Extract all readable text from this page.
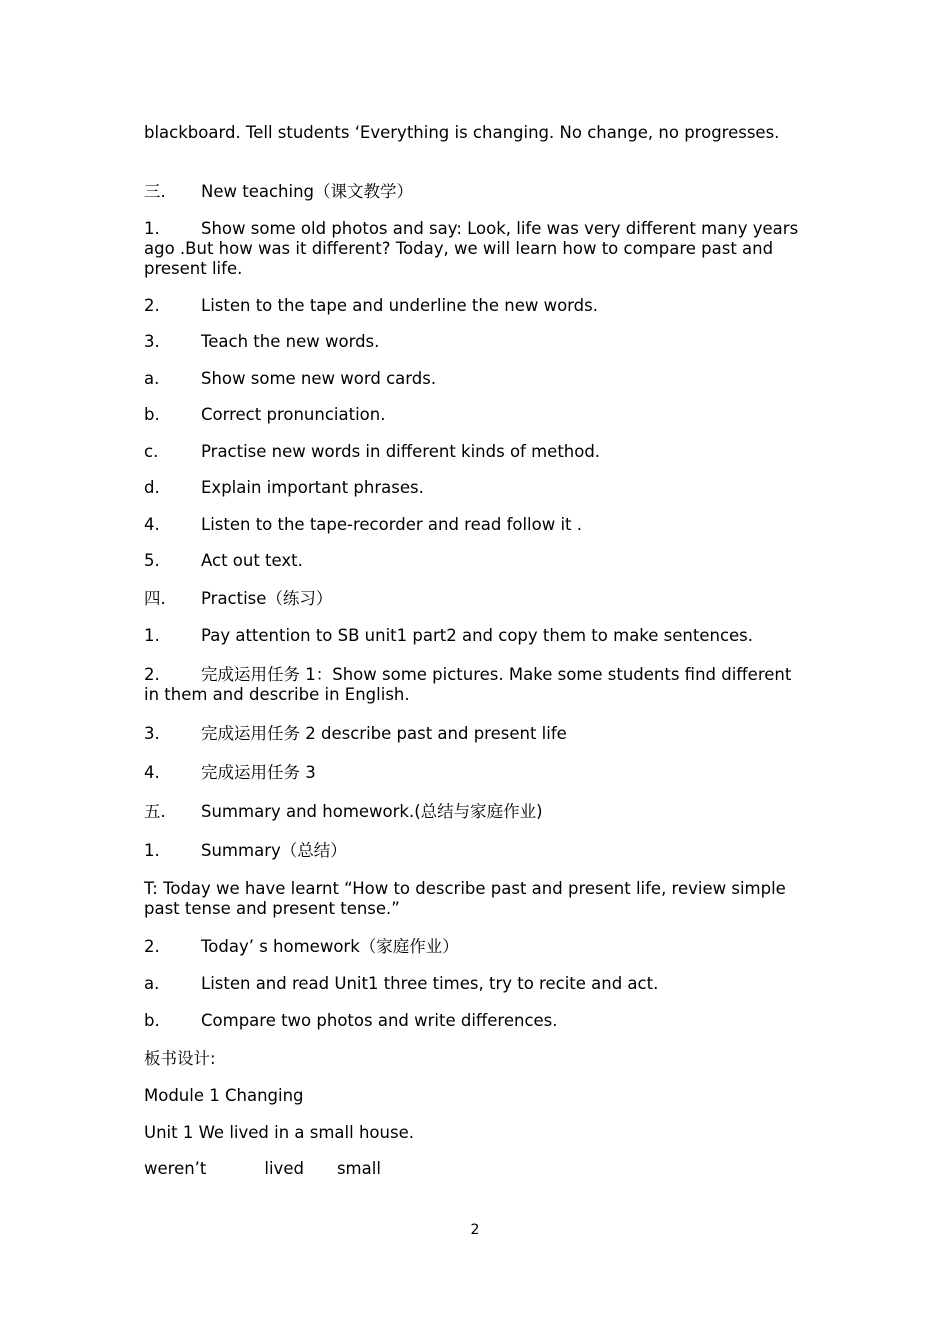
blackboard. Tell students ‘Everything is changing. No change, no progresses.
三. New teaching（课文教学）
1.	Show some old photos and say: Look, life was very different many years ago .But how was it different? Today, we will learn how to compare past and present life.
2.	Listen to the tape and underline the new words.
3.	Teach the new words.
a.	Show some new word cards.
b.	Correct pronunciation.
c.	Practise new words in different kinds of method.
d.	Explain important phrases.
4.	Listen to the tape-recorder and read follow it .
5.	Act out text.
四. Practise（练习）
1.	Pay attention to SB unit1 part2 and copy them to make sentences.
2.	完成运用任务 1：Show some pictures. Make some students find different in them and describe in English.
3.	完成运用任务 2 describe past and present life
4.	完成运用任务 3
五. Summary and homework.(总结与家庭作业)
1.	Summary（总结）
T: Today we have learnt “How to describe past and present life, review simple past tense and present tense.”
2.	Today’ s homework（家庭作业）
a.	Listen and read Unit1 three times, try to recite and act.
b.	Compare two photos and write differences.
板书设计:
Module 1 Changing
Unit 1 We lived in a small house.
weren’t	lived small
2
